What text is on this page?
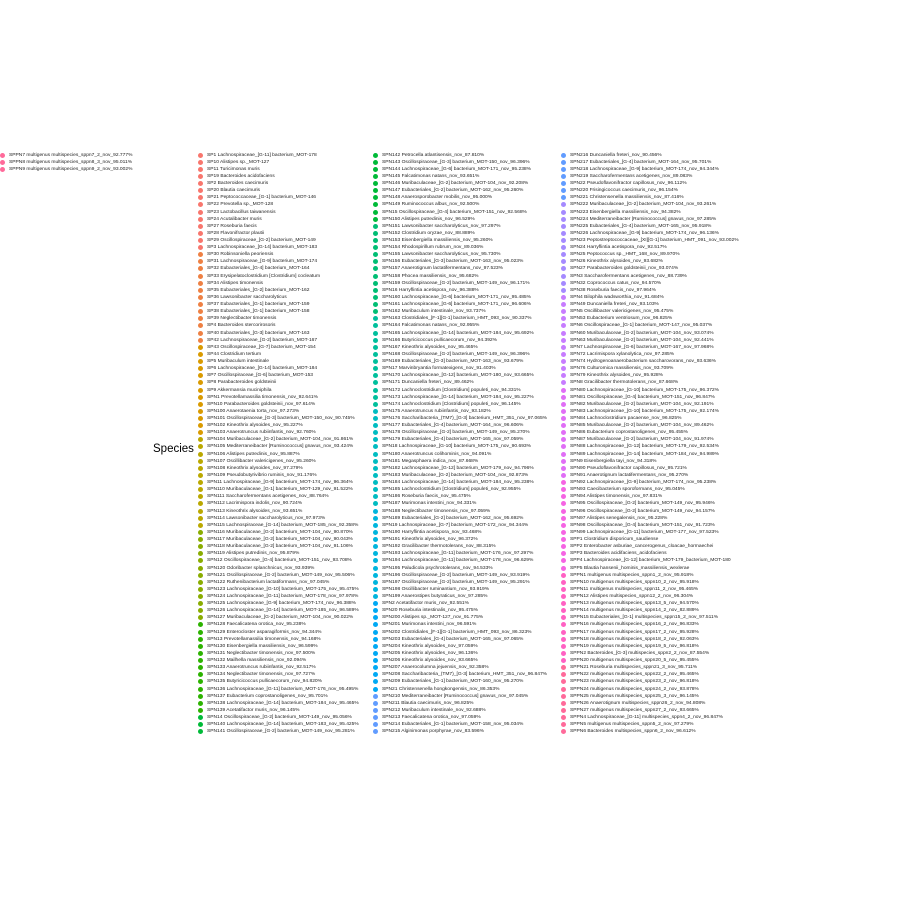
Species
SP1 Lachnospiraceae_[G-11] bacterium_MOT-178
SP10 Alistipes sp._MOT-127
SP11 Turicimonas muris
SP19 Bacteroides acidofaciens
SP2 Bacteroides caecimuris
SP20 Blautia caecimuris
SP21 Peptococcaceae_[G-1] bacterium_MOT-146
SP22 Prevotella sp._MOT-128
SP23 Lactobacillus taiwanensis
SP24 Acutalibacter muris
SP27 Roseburia faecis
SP28 Flavonifractor plautii
SP29 Oscillospiraceae_[G-2] bacterium_MOT-149
SP3 Lachnospiraceae_[G-14] bacterium_MOT-183
SP30 Robinsoniella peoriensis
SP31 Lachnospiraceae_[G-9] bacterium_MOT-174
SP32 Eubacteriales_[G-4] bacterium_MOT-164
SP33 Erysipelatoclostridium [Clostridium] cocleatum
SP34 Alistipes timonensis
SP35 Eubacteriales_[G-2] bacterium_MOT-162
SP36 Lawsonibacter saccharolyticus
SP37 Eubacteriales_[G-1] bacterium_MOT-159
SP38 Eubacteriales_[G-1] bacterium_MOT-158
SP39 Neglectibacter timonensis
SP4 Bacteroides stercorirosoris
SP40 Eubacteriales_[G-3] bacterium_MOT-163
SP42 Lachnospiraceae_[G-2] bacterium_MOT-167
SP43 Oscillospiraceae_[G-7] bacterium_MOT-154
SP44 Clostridium tertium
SP5 Muribaculum intestinale
SP6 Lachnospiraceae_[G-14] bacterium_MOT-184
SP7 Oscillospiraceae_[G-6] bacterium_MOT-153
SP8 Parabacteroides goldsteinii
SP9 Akkermansia muciniphila
SPN1 Prevotellamassilia timonensis_nov_92.641%
SPN10 Parabacteroides goldsteinii_nov_97.614%
SPN100 Anaerotaenia torta_nov_97.273%
SPN101 Oscillospiraceae_[G-3] bacterium_MOT-150_nov_90.745%
SPN102 Kineothrix alysoides_nov_95.227%
SPN103 Anaerotruncus rubiinfantis_nov_92.760%
SPN104 Muribaculaceae_[G-2] bacterium_MOT-104_nov_91.861%
SPN105 Mediterraneibacter [Ruminococcus] gnavus_nov_93.424%
SPN106 Alistipes putredinis_nov_95.887%
SPN107 Oscillibacter valericigenes_nov_95.260%
SPN108 Kineothrix alysoides_nov_97.279%
SPN109 Pseudobutyrivibrio ruminis_nov_91.176%
SPN11 Lachnospiraceae_[G-9] bacterium_MOT-174_nov_96.364%
SPN110 Muribaculaceae_[G-1] bacterium_MOT-129_nov_91.522%
SPN111 Saccharofermentans acetigenes_nov_88.764%
SPN112 Lacrimispora indolis_nov_90.724%
SPN113 Kineothrix alysoides_nov_93.651%
SPN114 Lawsonibacter saccharolyticus_nov_97.973%
SPN115 Lachnospiraceae_[G-14] bacterium_MOT-185_nov_92.358%
SPN116 Muribaculaceae_[G-2] bacterium_MOT-104_nov_90.870%
SPN117 Muribaculaceae_[G-2] bacterium_MOT-104_nov_90.043%
SPN118 Muribaculaceae_[G-2] bacterium_MOT-104_nov_91.106%
SPN119 Alistipes putredinis_nov_95.879%
SPN12 Oscillospiraceae_[G-4] bacterium_MOT-151_nov_93.708%
SPN120 Odoribacter splanchnicus_nov_93.939%
SPN121 Oscillospiraceae_[G-2] bacterium_MOT-149_nov_95.506%
SPN122 Ruthenibacterium lactatiformans_nov_97.045%
SPN123 Lachnospiraceae_[G-10] bacterium_MOT-175_nov_95.475%
SPN124 Lachnospiraceae_[G-11] bacterium_MOT-178_nov_97.978%
SPN125 Lachnospiraceae_[G-9] bacterium_MOT-174_nov_96.388%
SPN126 Lachnospiraceae_[G-14] bacterium_MOT-185_nov_96.589%
SPN127 Muribaculaceae_[G-2] bacterium_MOT-104_nov_90.022%
SPN128 Faecalicatena orotica_nov_95.238%
SPN129 Enterocloster asparagiformis_nov_94.344%
SPN13 Prevotellamassilia timonensis_nov_94.168%
SPN130 Eisenbergiella massiliensis_nov_96.599%
SPN131 Neglectibacter timonensis_nov_97.500%
SPN132 Mailhella massiliensis_nov_92.094%
SPN133 Anaerotruncus rubiinfantis_nov_92.517%
SPN134 Neglectibacter timonensis_nov_97.727%
SPN135 Butyricicoccus pullicaecorum_nov_94.820%
SPN136 Lachnospiraceae_[G-11] bacterium_MOT-176_nov_95.495%
SPN137 Eubacterium coprostanoligenes_nov_95.701%
SPN138 Lachnospiraceae_[G-14] bacterium_MOT-184_nov_95.465%
SPN139 Acetatifactor muris_nov_96.145%
SPN14 Oscillospiraceae_[G-2] bacterium_MOT-149_nov_95.056%
SPN140 Lachnospiraceae_[G-14] bacterium_MOT-183_nov_95.425%
SPN141 Oscillospiraceae_[G-2] bacterium_MOT-149_nov_95.281%
SPN142 Petrocella atlantisensis_nov_87.810%
SPN143 Oscillospiraceae_[G-3] bacterium_MOT-150_nov_96.396%
SPN144 Lachnospiraceae_[G-6] bacterium_MOT-171_nov_95.238%
SPN145 Falcatimonas natans_nov_93.651%
SPN146 Muribaculaceae_[G-2] bacterium_MOT-104_nov_92.208%
SPN147 Eubacteriales_[G-2] bacterium_MOT-162_nov_95.260%
SPN148 Anaerosporobacter mobilis_nov_95.000%
SPN149 Ruminococcus albus_nov_92.500%
SPN15 Oscillospiraceae_[G-4] bacterium_MOT-151_nov_92.568%
SPN150 Alistipes putredinis_nov_96.529%
SPN151 Lawsonibacter saccharolyticus_nov_97.297%
SPN152 Clostridium oryzae_nov_88.889%
SPN153 Eisenbergiella massiliensis_nov_95.260%
SPN154 Rhodospirillum rubrum_nov_89.036%
SPN155 Lawsonibacter saccharolyticus_nov_95.730%
SPN156 Eubacteriales_[G-3] bacterium_MOT-163_nov_95.023%
SPN157 Anaerotignum lactatifermentans_nov_97.523%
SPN158 Phocea massiliensis_nov_95.682%
SPN159 Oscillospiraceae_[G-2] bacterium_MOT-149_nov_96.171%
SPN16 Harryflintia acetispora_nov_96.388%
SPN160 Lachnospiraceae_[G-6] bacterium_MOT-171_nov_95.485%
SPN161 Lachnospiraceae_[G-6] bacterium_MOT-171_nov_96.606%
SPN162 Muribaculum intestinale_nov_93.737%
SPN163 Clostridiales_[F-1][G-1] bacterium_HMT_093_nov_90.337%
SPN164 Falcatimonas natans_nov_92.955%
SPN165 Lachnospiraceae_[G-14] bacterium_MOT-184_nov_95.692%
SPN166 Butyricicoccus pullicaecorum_nov_94.392%
SPN167 Kineothrix alysoides_nov_95.465%
SPN168 Oscillospiraceae_[G-2] bacterium_MOT-149_nov_96.396%
SPN169 Eubacteriales_[G-3] bacterium_MOT-163_nov_93.679%
SPN17 Marvinbryantia formatexigens_nov_91.403%
SPN170 Lachnospiraceae_[G-12] bacterium_MOT-180_nov_93.665%
SPN171 Duncaniella freteri_nov_89.462%
SPN172 Lachnoclostridium [Clostridium] populeti_nov_94.331%
SPN173 Lachnospiraceae_[G-14] bacterium_MOT-184_nov_95.227%
SPN174 Lachnoclostridium [Clostridium] populeti_nov_96.145%
SPN175 Anaerotruncus rubiinfantis_nov_93.182%
SPN176 Saccharibacteria_(TM7)_[G-3] bacterium_HMT_351_nov_97.065%
SPN177 Eubacteriales_[G-4] bacterium_MOT-164_nov_96.606%
SPN178 Oscillospiraceae_[G-2] bacterium_MOT-149_nov_95.270%
SPN179 Eubacteriales_[G-4] bacterium_MOT-165_nov_97.059%
SPN18 Lachnospiraceae_[G-10] bacterium_MOT-175_nov_90.693%
SPN180 Anaerotruncus colihominis_nov_94.091%
SPN181 Megasphaera indica_nov_87.668%
SPN182 Lachnospiraceae_[G-12] bacterium_MOT-179_nov_94.796%
SPN183 Muribaculaceae_[G-2] bacterium_MOT-104_nov_92.873%
SPN184 Lachnospiraceae_[G-14] bacterium_MOT-184_nov_95.238%
SPN185 Lachnoclostridium [Clostridium] populeti_nov_92.955%
SPN186 Roseburia faecis_nov_95.475%
SPN187 Murimonas intestini_nov_94.331%
SPN188 Neglectibacter timonensis_nov_97.059%
SPN189 Eubacteriales_[G-2] bacterium_MOT-162_nov_95.692%
SPN19 Lachnospiraceae_[G-7] bacterium_MOT-172_nov_94.344%
SPN190 Harryflintia acetispora_nov_93.468%
SPN191 Kineothrix alysoides_nov_96.372%
SPN192 Gracilibacter thermotolerans_nov_88.315%
SPN193 Lachnospiraceae_[G-11] bacterium_MOT-176_nov_97.297%
SPN194 Lachnospiraceae_[G-11] bacterium_MOT-178_nov_96.629%
SPN195 Paludicola psychrotolerans_nov_94.533%
SPN196 Oscillospiraceae_[G-2] bacterium_MOT-149_nov_93.919%
SPN197 Oscillospiraceae_[G-2] bacterium_MOT-149_nov_95.291%
SPN198 Oscillibacter ruminantium_nov_93.919%
SPN199 Anaerostipes butyraticus_nov_97.285%
SPN2 Acetatifactor muris_nov_92.551%
SPN20 Roseburia intestinalis_nov_95.475%
SPN200 Alistipes sp._MOT-127_nov_91.775%
SPN201 Murimonas intestini_nov_96.591%
SPN202 Clostridiales_[F-1][G-1] bacterium_HMT_093_nov_86.323%
SPN203 Eubacteriales_[G-4] bacterium_MOT-165_nov_97.065%
SPN204 Kineothrix alysoides_nov_97.059%
SPN205 Kineothrix alysoides_nov_96.136%
SPN206 Kineothrix alysoides_nov_93.665%
SPN207 Anaerocolumna jejuensis_nov_92.358%
SPN208 Saccharibacteria_(TM7)_[G-3] bacterium_HMT_351_nov_96.847%
SPN209 Eubacteriales_[G-1] bacterium_MOT-160_nov_95.270%
SPN21 Christensenella hongkongensis_nov_86.353%
SPN210 Mediterraneibacter [Ruminococcus] gnavus_nov_97.045%
SPN211 Blautia caecimuris_nov_96.825%
SPN212 Muribaculum intestinale_nov_92.688%
SPN213 Faecalicatena orotica_nov_97.059%
SPN214 Eubacteriales_[G-1] bacterium_MOT-158_nov_95.034%
SPN215 Alginimonas porphyrae_nov_83.596%
SPN216 Duncaniella freteri_nov_90.456%
SPN217 Eubacteriales_[G-4] bacterium_MOT-164_nov_95.701%
SPN218 Lachnospiraceae_[G-9] bacterium_MOT-174_nov_94.344%
SPN219 Saccharofermentans acetigenes_nov_89.083%
SPN22 Pseudoflavonifractor capillosus_nov_96.112%
SPN220 Frisingicoccus caecimuris_nov_96.154%
SPN221 Christensenella massiliensis_nov_87.416%
SPN222 Muribaculaceae_[G-2] bacterium_MOT-104_nov_93.261%
SPN223 Eisenbergiella massiliensis_nov_94.382%
SPN224 Mediterraneibacter [Ruminococcus] gnavus_nov_97.285%
SPN225 Eubacteriales_[G-4] bacterium_MOT-165_nov_95.918%
SPN226 Lachnospiraceae_[G-9] bacterium_MOT-174_nov_96.136%
SPN23 Peptostreptococcaceae_[XI][G-1] bacterium_HMT_091_nov_93.002%
SPN24 Harryflintia acetispora_nov_92.517%
SPN25 Peptococcus sp._HMT_168_nov_89.970%
SPN26 Kineothrix alysoides_nov_93.682%
SPN27 Parabacteroides goldsteinii_nov_93.074%
SPN3 Saccharofermentans acetigenes_nov_88.739%
SPN32 Coprococcus catus_nov_94.570%
SPN38 Roseburia faecis_nov_97.964%
SPN4 Bilophila wadsworthia_nov_91.684%
SPN49 Duncaniella freteri_nov_93.103%
SPN5 Oscillibacter valericigenes_nov_95.475%
SPN53 Eubacterium ventriosum_nov_96.825%
SPN6 Oscillospiraceae_[G-1] bacterium_MOT-147_nov_95.037%
SPN60 Muribaculaceae_[G-2] bacterium_MOT-104_nov_93.074%
SPN63 Muribaculaceae_[G-2] bacterium_MOT-104_nov_92.441%
SPN7 Lachnospiraceae_[G-6] bacterium_MOT-167_nov_97.968%
SPN72 Lacrimispora xylanolytica_nov_97.285%
SPN74 Hydrogenoanaerobacterium saccharovorans_nov_93.636%
SPN76 Culturomica massiliensis_nov_93.709%
SPN79 Kineothrix alysoides_nov_95.928%
SPN8 Gracilibacter thermotolerans_nov_87.668%
SPN80 Lachnospiraceae_[G-10] bacterium_MOT-175_nov_96.372%
SPN81 Oscillospiraceae_[G-4] bacterium_MOT-151_nov_96.847%
SPN82 Muribaculaceae_[G-2] bacterium_MOT-104_nov_92.191%
SPN83 Lachnospiraceae_[G-10] bacterium_MOT-175_nov_92.174%
SPN84 Lachnoclostridium pacaense_nov_96.825%
SPN85 Muribaculaceae_[G-2] bacterium_MOT-104_nov_89.462%
SPN86 Eubacterium coprostanoligenes_nov_95.455%
SPN87 Muribaculaceae_[G-2] bacterium_MOT-104_nov_91.974%
SPN88 Lachnospiraceae_[G-12] bacterium_MOT-179_nov_92.534%
SPN89 Lachnospiraceae_[G-14] bacterium_MOT-184_nov_94.989%
SPN9 Eisenbergiella tayi_nov_94.318%
SPN90 Pseudoflavonifractor capillosus_nov_95.721%
SPN91 Anaerotignum lactatifermentans_nov_95.270%
SPN92 Lachnospiraceae_[G-9] bacterium_MOT-174_nov_95.238%
SPN93 Caecibacterium sporoformans_nov_95.045%
SPN94 Alistipes timonensis_nov_97.831%
SPN95 Oscillospiraceae_[G-2] bacterium_MOT-149_nov_95.946%
SPN96 Oscillospiraceae_[G-2] bacterium_MOT-149_nov_94.157%
SPN97 Alistipes senegalensis_nov_95.228%
SPN98 Oscillospiraceae_[G-4] bacterium_MOT-151_nov_91.723%
SPN99 Lachnospiraceae_[G-11] bacterium_MOT-177_nov_97.523%
SPP1 Clostridium disporicum_saudiense
SPP2 Enterobacter asburiae_cancerogenus_cloacae_hormaechei
SPP3 Bacteroides acidifaciens_acidofaciens
SPP4 Lachnospiraceae_[G-12] bacterium_MOT-179_bacterium_MOT-180
SPP5 Blautia hansenii_hominis_massiliensis_wexlerae
SPPN1 multigenus multispecies_sppn1_2_nov_95.918%
SPPN10 multigenus multispecies_sppn10_2_nov_95.918%
SPPN11 multigenus multispecies_sppn11_2_nov_95.465%
SPPN12 Alistipes multispecies_sppn12_2_nov_96.304%
SPPN13 multigenus multispecies_sppn13_5_nov_94.570%
SPPN14 multigenus multispecies_sppn14_2_nov_82.889%
SPPN15 Eubacteriales_[G-1] multispecies_sppn15_2_nov_97.511%
SPPN16 multigenus multispecies_sppn16_2_nov_96.833%
SPPN17 multigenus multispecies_sppn17_2_nov_95.928%
SPPN18 multigenus multispecies_sppn18_2_nov_92.063%
SPPN19 multigenus multispecies_sppn19_5_nov_96.818%
SPPN2 Bacteroides_[G-3] multispecies_sppn2_2_nov_87.554%
SPPN20 multigenus multispecies_sppn20_5_nov_95.455%
SPPN21 Roseburia multispecies_sppn21_3_nov_95.711%
SPPN22 multigenus multispecies_sppn22_2_nov_95.465%
SPPN23 multigenus multispecies_sppn23_2_nov_96.818%
SPPN24 multigenus multispecies_sppn24_2_nov_93.878%
SPPN25 multigenus multispecies_sppn25_3_nov_96.145%
SPPN26 Anaerotignum multispecies_sppn26_2_nov_94.808%
SPPN27 multigenus multispecies_sppn27_2_nov_93.665%
SPPN4 Lachnospiraceae_[G-11] multispecies_sppn4_2_nov_96.847%
SPPN5 multigenus multispecies_sppn5_2_nov_97.279%
SPPN6 Bacteroides multispecies_sppn6_2_nov_96.612%
SPPN7 multigenus multispecies_sppn7_2_nov_92.777%
SPPN8 multigenus multispecies_sppn8_3_nov_95.011%
SPPN9 multigenus multispecies_sppn9_2_nov_93.002%
